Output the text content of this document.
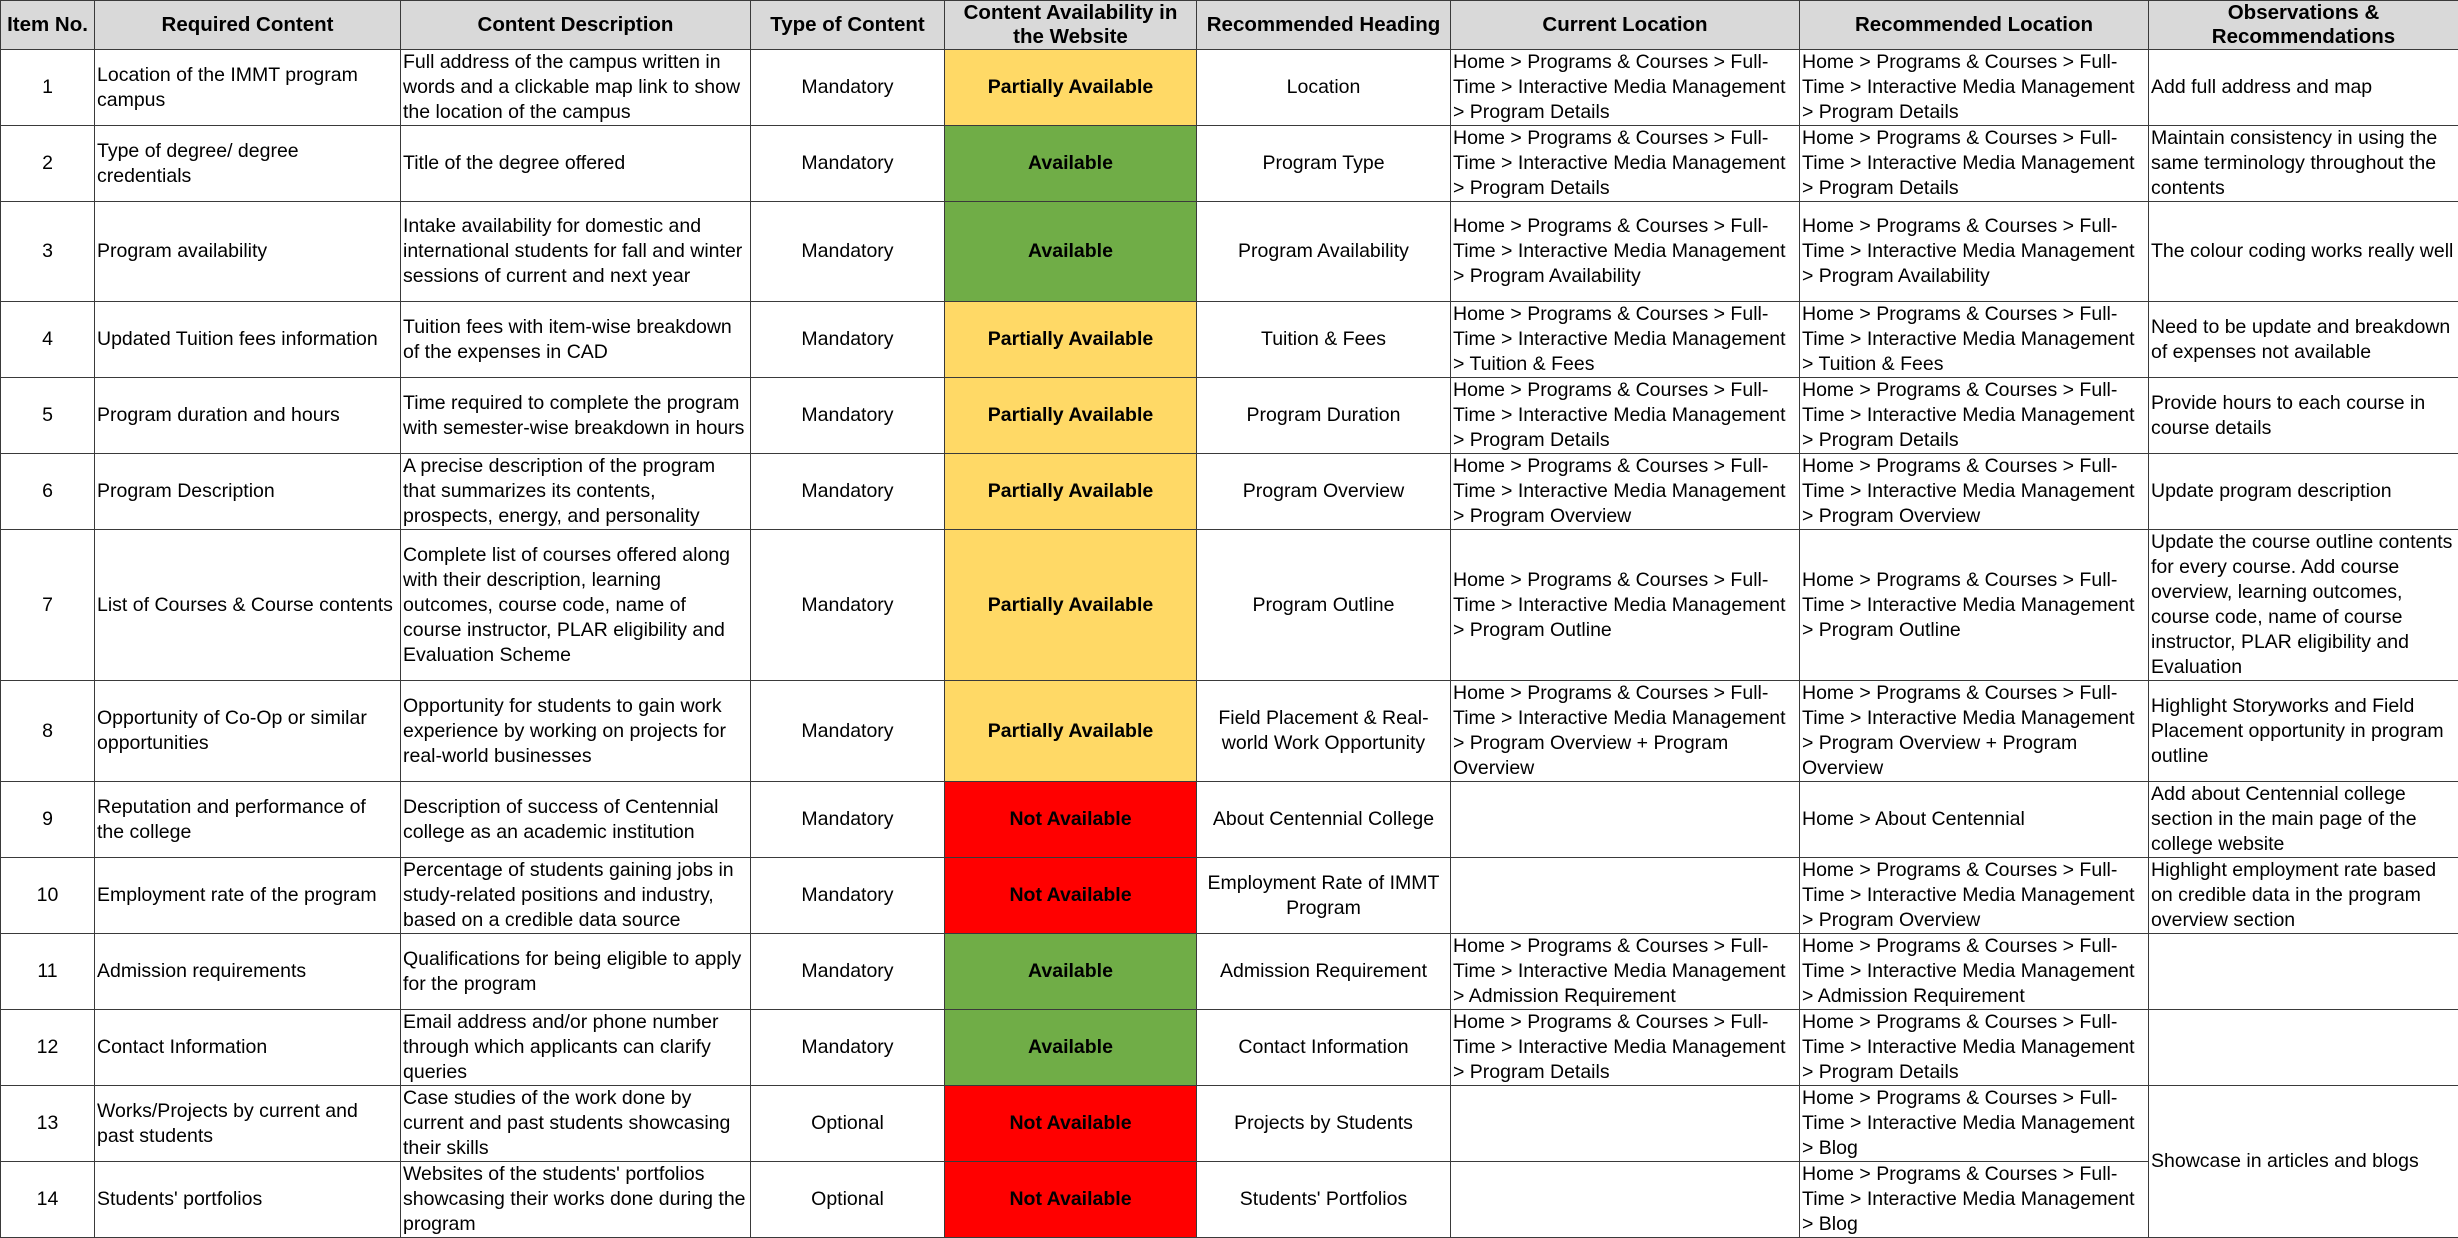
Item No.	Required Content	Content Description	Type of Content	Content Availability in the Website	Recommended Heading	Current Location	Recommended Location	Observations & Recommendations
1	Location of the IMMT program campus	Full address of the campus written in words and a clickable map link to show the location of the campus	Mandatory	Partially Available	Location	Home > Programs & Courses > Full-Time > Interactive Media Management > Program Details	Home > Programs & Courses > Full-Time > Interactive Media Management > Program Details	Add full address and map
2	Type of degree/ degree credentials	Title of the degree offered	Mandatory	Available	Program Type	Home > Programs & Courses > Full-Time > Interactive Media Management > Program Details	Home > Programs & Courses > Full-Time > Interactive Media Management > Program Details	Maintain consistency in using the same terminology throughout the contents
3	Program availability	Intake availability for domestic and international students for fall and winter sessions of current and next year	Mandatory	Available	Program Availability	Home > Programs & Courses > Full-Time > Interactive Media Management > Program Availability	Home > Programs & Courses > Full-Time > Interactive Media Management > Program Availability	The colour coding works really well
4	Updated Tuition fees information	Tuition fees with item-wise breakdown of the expenses in CAD	Mandatory	Partially Available	Tuition & Fees	Home > Programs & Courses > Full-Time > Interactive Media Management > Tuition & Fees	Home > Programs & Courses > Full-Time > Interactive Media Management > Tuition & Fees	Need to be update and breakdown of expenses not available
5	Program duration and hours	Time required to complete the program with semester-wise breakdown in hours	Mandatory	Partially Available	Program Duration	Home > Programs & Courses > Full-Time > Interactive Media Management > Program Details	Home > Programs & Courses > Full-Time > Interactive Media Management > Program Details	Provide hours to each course in course details
6	Program Description	A precise description of the program that summarizes its contents, prospects, energy, and personality	Mandatory	Partially Available	Program Overview	Home > Programs & Courses > Full-Time > Interactive Media Management > Program Overview	Home > Programs & Courses > Full-Time > Interactive Media Management > Program Overview	Update program description
7	List of Courses & Course contents	Complete list of courses offered along with their description, learning outcomes, course code, name of course instructor, PLAR eligibility and Evaluation Scheme	Mandatory	Partially Available	Program Outline	Home > Programs & Courses > Full-Time > Interactive Media Management > Program Outline	Home > Programs & Courses > Full-Time > Interactive Media Management > Program Outline	Update the course outline contents for every course. Add course overview, learning outcomes, course code, name of course instructor, PLAR eligibility and Evaluation
8	Opportunity of Co-Op or similar opportunities	Opportunity for students to gain work experience by working on projects for real-world businesses	Mandatory	Partially Available	Field Placement & Real-world Work Opportunity	Home > Programs & Courses > Full-Time > Interactive Media Management > Program Overview + Program Overview	Home > Programs & Courses > Full-Time > Interactive Media Management > Program Overview + Program Overview	Highlight Storyworks and Field Placement opportunity in program outline
9	Reputation and performance of the college	Description of success of Centennial college as an academic institution	Mandatory	Not Available	About Centennial College		Home > About Centennial	Add about Centennial college section in the main page of the college website
10	Employment rate of the program	Percentage of students gaining jobs in study-related positions and industry, based on a credible data source	Mandatory	Not Available	Employment Rate of IMMT Program		Home > Programs & Courses > Full-Time > Interactive Media Management > Program Overview	Highlight employment rate based on credible data in the program overview section
11	Admission requirements	Qualifications for being eligible to apply for the program	Mandatory	Available	Admission Requirement	Home > Programs & Courses > Full-Time > Interactive Media Management > Admission Requirement	Home > Programs & Courses > Full-Time > Interactive Media Management > Admission Requirement	
12	Contact Information	Email address and/or phone number through which applicants can clarify queries	Mandatory	Available	Contact Information	Home > Programs & Courses > Full-Time > Interactive Media Management > Program Details	Home > Programs & Courses > Full-Time > Interactive Media Management > Program Details	
13	Works/Projects by current and past students	Case studies of the work done by current and past students showcasing their skills	Optional	Not Available	Projects by Students		Home > Programs & Courses > Full-Time > Interactive Media Management > Blog	Showcase in articles and blogs
14	Students' portfolios	Websites of the students' portfolios showcasing their works done during the program	Optional	Not Available	Students' Portfolios		Home > Programs & Courses > Full-Time > Interactive Media Management > Blog	
